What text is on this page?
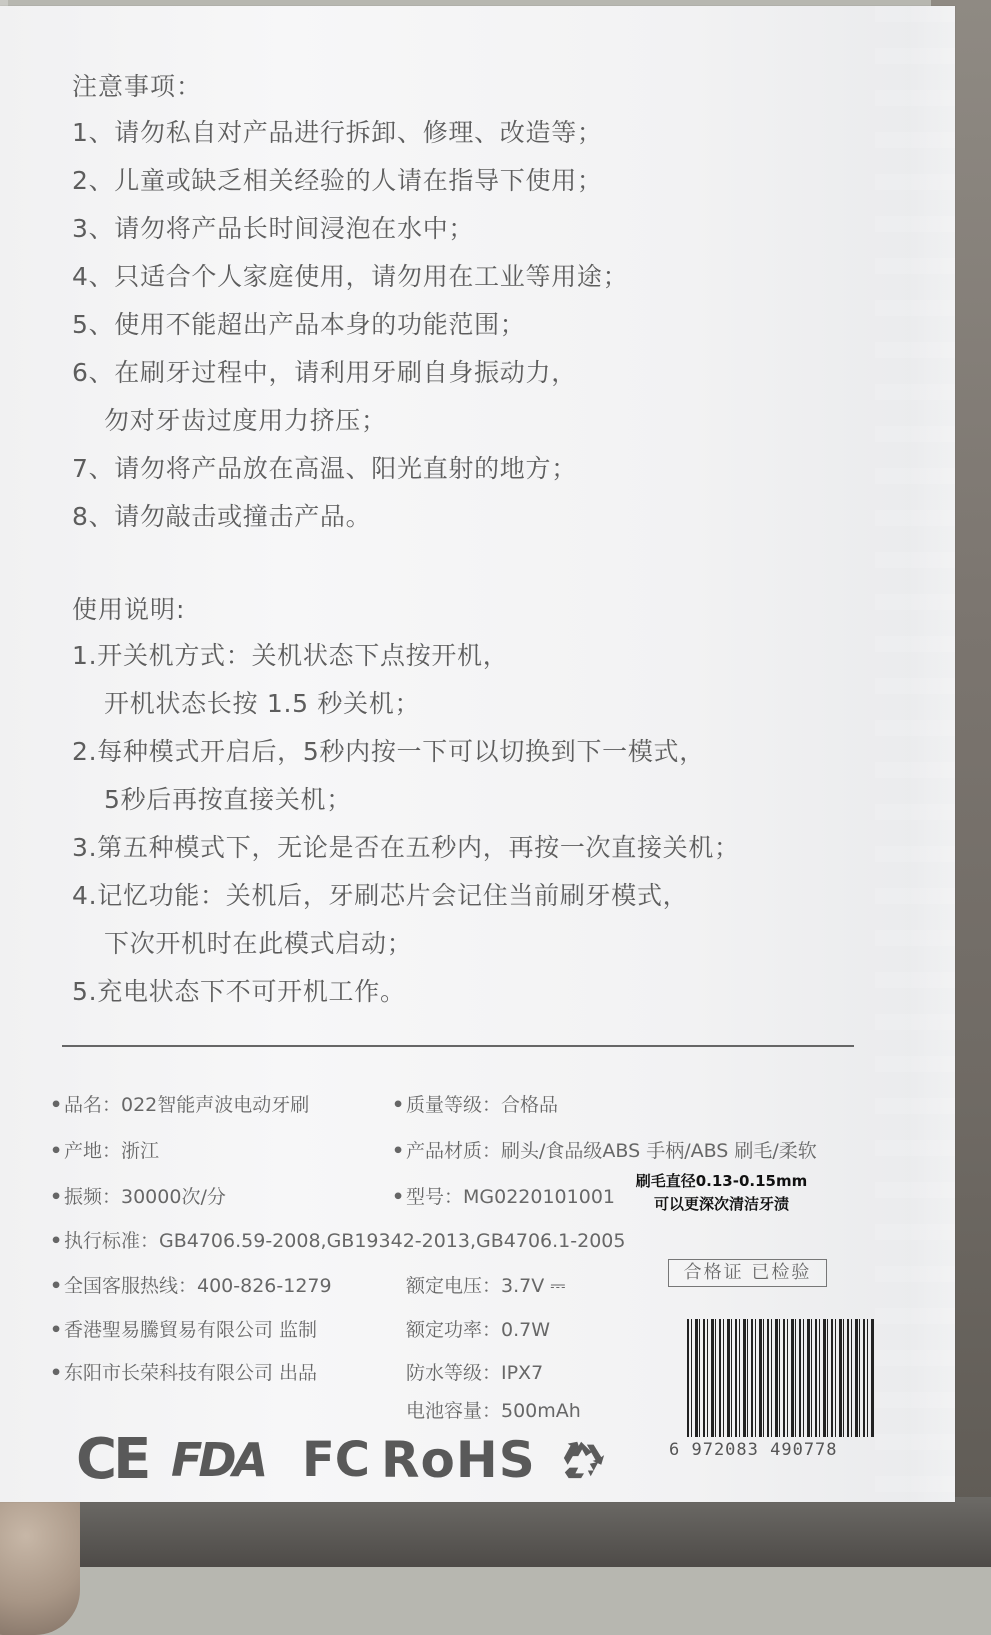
注意事项：
1、请勿私自对产品进行拆卸、修理、改造等；
2、儿童或缺乏相关经验的人请在指导下使用；
3、请勿将产品长时间浸泡在水中；
4、只适合个人家庭使用，请勿用在工业等用途；
5、使用不能超出产品本身的功能范围；
6、在刷牙过程中，请利用牙刷自身振动力，
勿对牙齿过度用力挤压；
7、请勿将产品放在高温、阳光直射的地方；
8、请勿敲击或撞击产品。
使用说明:
1.开关机方式：关机状态下点按开机，
开机状态长按 1.5 秒关机；
2.每种模式开启后，5秒内按一下可以切换到下一模式，
5秒后再按直接关机；
3.第五种模式下，无论是否在五秒内，再按一次直接关机；
4.记忆功能：关机后，牙刷芯片会记住当前刷牙模式，
下次开机时在此模式启动；
5.充电状态下不可开机工作。
•品名：022智能声波电动牙刷	•质量等级：合格品
•产地：浙江	•产品材质：刷头/食品级ABS 手柄/ABS 刷毛/柔软
•振频：30000次/分	•型号：MG0220101001
•执行标准：GB4706.59-2008,GB19342-2013,GB4706.1-2005
•全国客服热线：400-826-1279	额定电压：3.7V ⎓
•香港聖易騰貿易有限公司 监制	额定功率：0.7W
•东阳市长荣科技有限公司 出品	防水等级：IPX7
电池容量：500mAh
刷毛直径0.13-0.15mm
可以更深次清洁牙渍
合格证 已检验
6 972083 490778
CE FDA FC RoHS
